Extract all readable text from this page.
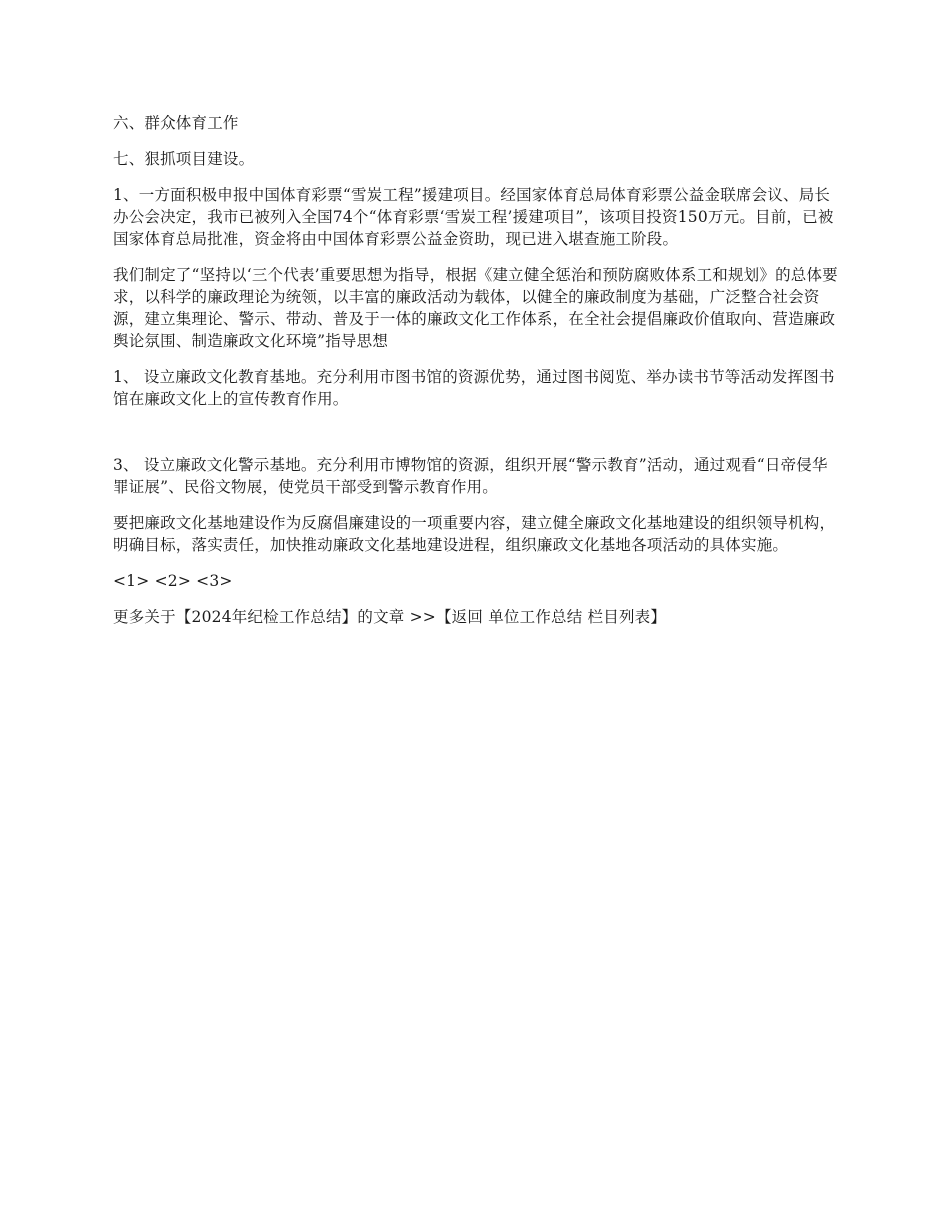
六、群众体育工作

七、狠抓项目建设。

1、一方面积极申报中国体育彩票“雪炭工程”援建项目。经国家体育总局体育彩票公益金联席会议、局长办公会决定，我市已被列入全国74个“体育彩票‘雪炭工程’援建项目”，该项目投资150万元。目前，已被国家体育总局批准，资金将由中国体育彩票公益金资助，现已进入堪查施工阶段。

我们制定了“坚持以‘三个代表’重要思想为指导，根据《建立健全惩治和预防腐败体系工和规划》的总体要求，以科学的廉政理论为统领，以丰富的廉政活动为载体，以健全的廉政制度为基础，广泛整合社会资源，建立集理论、警示、带动、普及于一体的廉政文化工作体系，在全社会提倡廉政价值取向、营造廉政舆论氛围、制造廉政文化环境”指导思想

1、 设立廉政文化教育基地。充分利用市图书馆的资源优势，通过图书阅览、举办读书节等活动发挥图书馆在廉政文化上的宣传教育作用。

3、 设立廉政文化警示基地。充分利用市博物馆的资源，组织开展“警示教育”活动，通过观看“日帝侵华罪证展”、民俗文物展，使党员干部受到警示教育作用。

要把廉政文化基地建设作为反腐倡廉建设的一项重要内容，建立健全廉政文化基地建设的组织领导机构，明确目标，落实责任，加快推动廉政文化基地建设进程，组织廉政文化基地各项活动的具体实施。

<1> <2> <3>

更多关于【2024年纪检工作总结】的文章 >>【返回 单位工作总结 栏目列表】
